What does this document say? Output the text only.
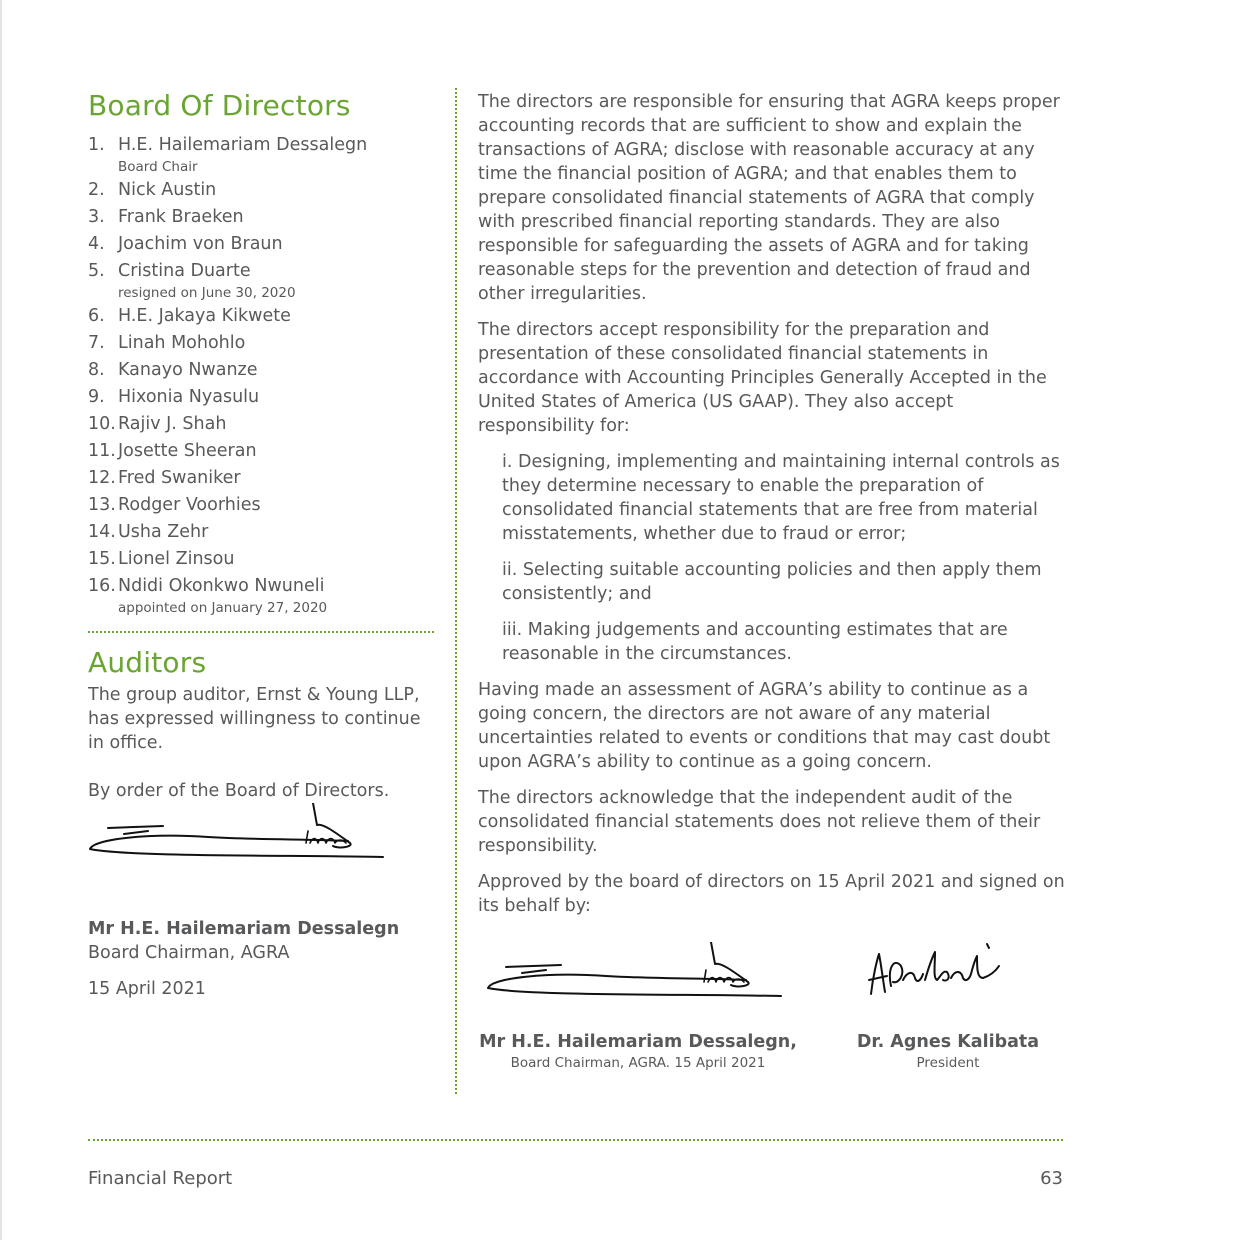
Board Of Directors
1. H.E. Hailemariam Dessalegn
Board Chair
2. Nick Austin
3. Frank Braeken
4. Joachim von Braun
5. Cristina Duarte
resigned on June 30, 2020
6. H.E. Jakaya Kikwete
7. Linah Mohohlo
8. Kanayo Nwanze
9. Hixonia Nyasulu
10. Rajiv J. Shah
11. Josette Sheeran
12. Fred Swaniker
13. Rodger Voorhies
14. Usha Zehr
15. Lionel Zinsou
16. Ndidi Okonkwo Nwuneli
appointed on January 27, 2020
Auditors

The group auditor, Ernst & Young LLP, has expressed willingness to continue in office.

By order of the Board of Directors.

Mr H.E. Hailemariam Dessalegn

Board Chairman, AGRA

15 April 2021

The directors are responsible for ensuring that AGRA keeps proper accounting records that are sufficient to show and explain the transactions of AGRA; disclose with reasonable accuracy at any time the financial position of AGRA; and that enables them to prepare consolidated financial statements of AGRA that comply with prescribed financial reporting standards. They are also responsible for safeguarding the assets of AGRA and for taking reasonable steps for the prevention and detection of fraud and other irregularities.

The directors accept responsibility for the preparation and presentation of these consolidated financial statements in accordance with Accounting Principles Generally Accepted in the United States of America (US GAAP). They also accept responsibility for:

i. Designing, implementing and maintaining internal controls as they determine necessary to enable the preparation of consolidated financial statements that are free from material misstatements, whether due to fraud or error;

ii. Selecting suitable accounting policies and then apply them consistently; and

iii. Making judgements and accounting estimates that are reasonable in the circumstances.

Having made an assessment of AGRA’s ability to continue as a going concern, the directors are not aware of any material uncertainties related to events or conditions that may cast doubt upon AGRA’s ability to continue as a going concern.

The directors acknowledge that the independent audit of the consolidated financial statements does not relieve them of their responsibility.

Approved by the board of directors on 15 April 2021 and signed on its behalf by:

Mr H.E. Hailemariam Dessalegn,
Board Chairman, AGRA. 15 April 2021
Dr. Agnes Kalibata
President
Financial Report	63
